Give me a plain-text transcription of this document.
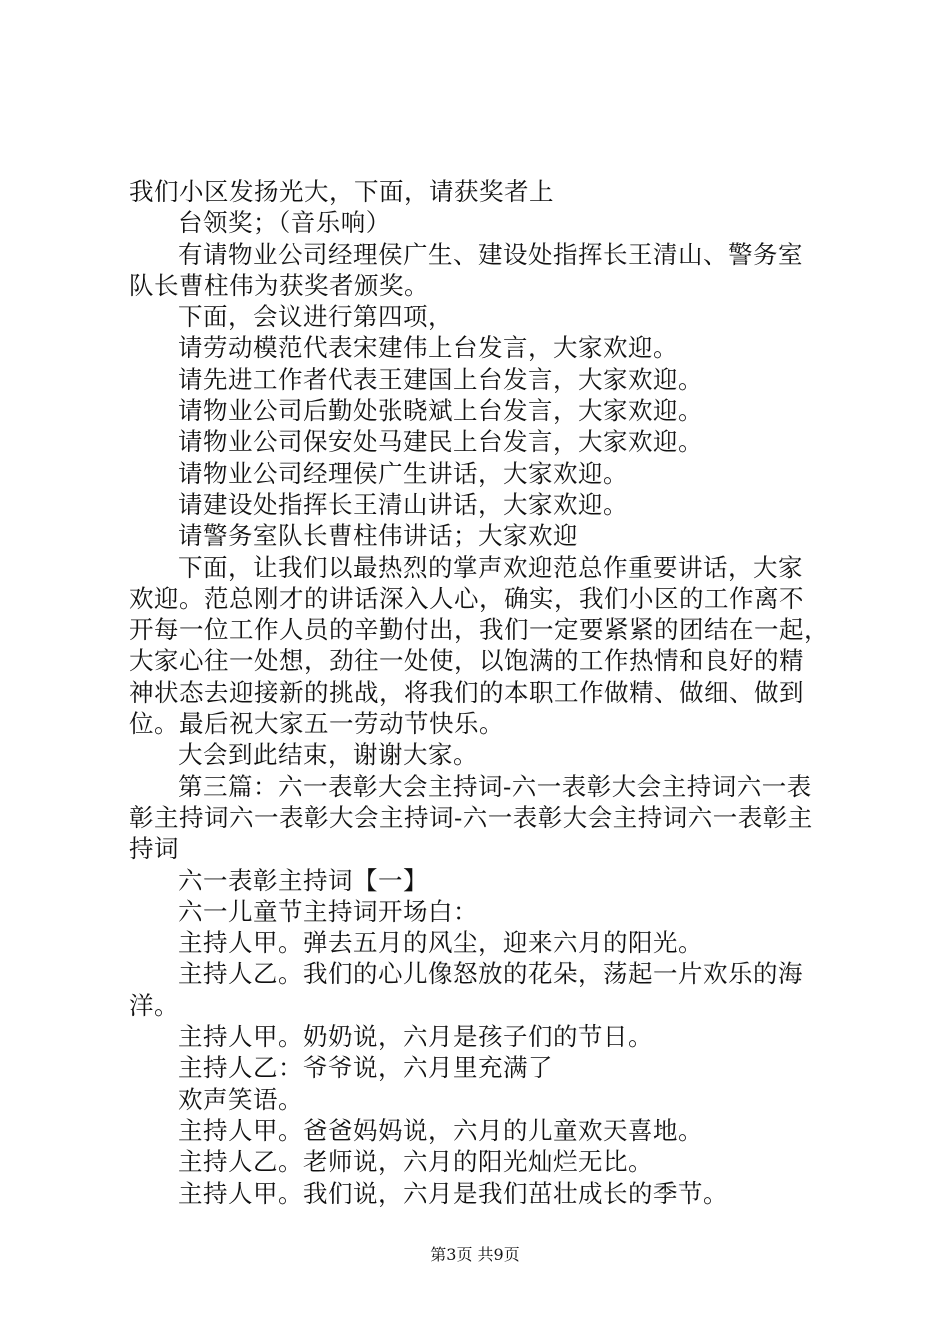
我们小区发扬光大，下面，请获奖者上
台领奖；（音乐响）
有请物业公司经理侯广生、建设处指挥长王清山、警务室
队长曹柱伟为获奖者颁奖。
下面，会议进行第四项，
请劳动模范代表宋建伟上台发言，大家欢迎。
请先进工作者代表王建国上台发言，大家欢迎。
请物业公司后勤处张晓斌上台发言，大家欢迎。
请物业公司保安处马建民上台发言，大家欢迎。
请物业公司经理侯广生讲话，大家欢迎。
请建设处指挥长王清山讲话，大家欢迎。
请警务室队长曹柱伟讲话；大家欢迎
下面，让我们以最热烈的掌声欢迎范总作重要讲话，大家
欢迎。范总刚才的讲话深入人心，确实，我们小区的工作离不
开每一位工作人员的辛勤付出，我们一定要紧紧的团结在一起，
大家心往一处想，劲往一处使，以饱满的工作热情和良好的精
神状态去迎接新的挑战，将我们的本职工作做精、做细、做到
位。最后祝大家五一劳动节快乐。
大会到此结束，谢谢大家。
第三篇：六一表彰大会主持词-六一表彰大会主持词六一表
彰主持词六一表彰大会主持词-六一表彰大会主持词六一表彰主
持词
六一表彰主持词【一】
六一儿童节主持词开场白：
主持人甲。弹去五月的风尘，迎来六月的阳光。
主持人乙。我们的心儿像怒放的花朵，荡起一片欢乐的海
洋。
主持人甲。奶奶说，六月是孩子们的节日。
主持人乙：爷爷说，六月里充满了
欢声笑语。
主持人甲。爸爸妈妈说，六月的儿童欢天喜地。
主持人乙。老师说，六月的阳光灿烂无比。
主持人甲。我们说，六月是我们茁壮成长的季节。
第3页 共9页
